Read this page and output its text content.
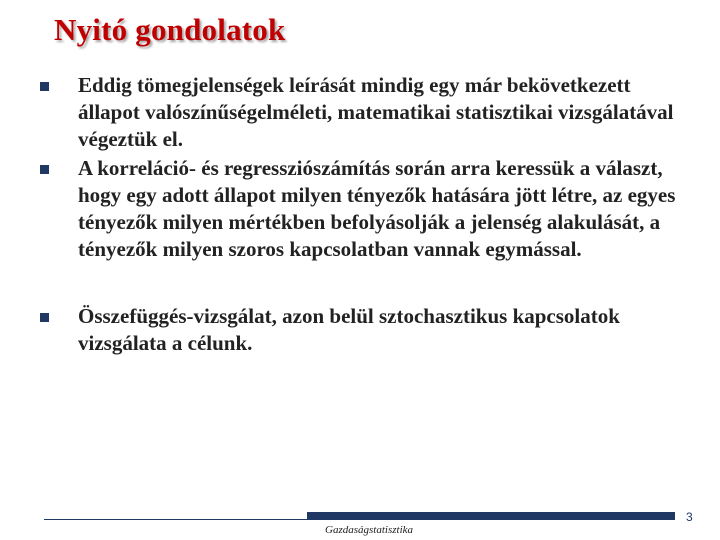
Nyitó gondolatok
Eddig tömegjelenségek leírását mindig egy már bekövetkezett állapot valószínűségelméleti, matematikai statisztikai vizsgálatával végeztük el.
A korreláció- és regressziószámítás során arra keressük a választ, hogy egy adott állapot milyen tényezők hatására jött létre, az egyes tényezők milyen mértékben befolyásolják a jelenség alakulását, a tényezők milyen szoros kapcsolatban vannak egymással.
Összefüggés-vizsgálat, azon belül sztochasztikus kapcsolatok vizsgálata a célunk.
Gazdaságstatisztika
3
